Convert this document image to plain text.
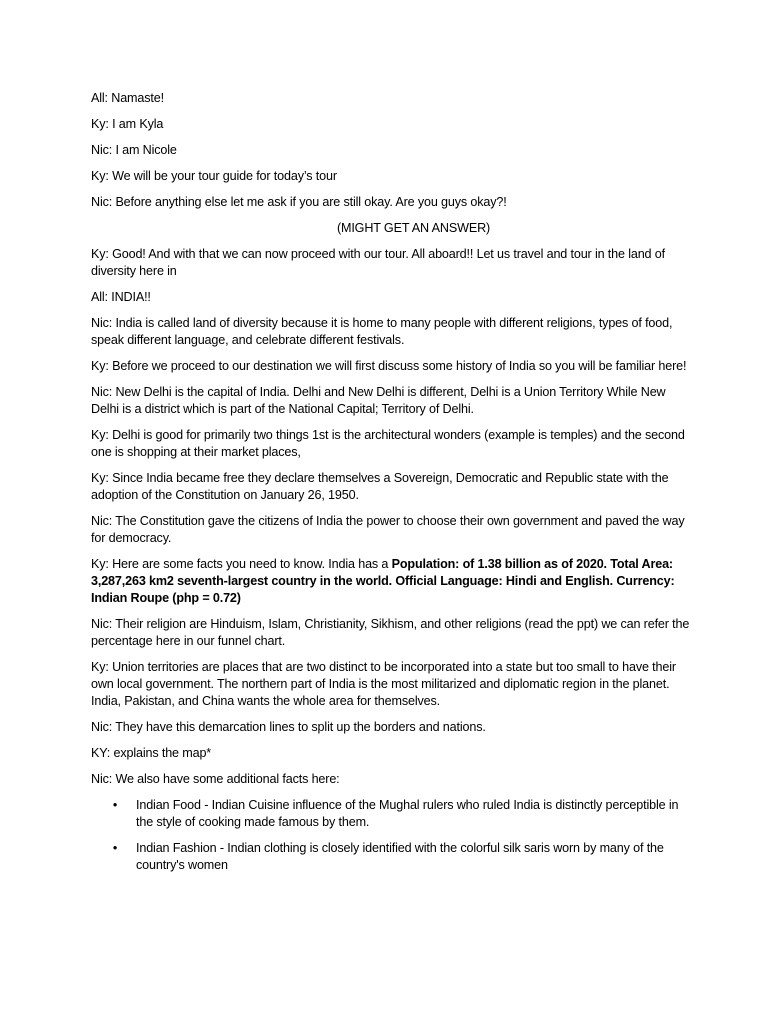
All: Namaste!

Ky: I am Kyla

Nic: I am Nicole

Ky: We will be your tour guide for today’s tour

Nic: Before anything else let me ask if you are still okay. Are you guys okay?!

(MIGHT GET AN ANSWER)

Ky: Good! And with that we can now proceed with our tour. All aboard!! Let us travel and tour in the land of diversity here in

All: INDIA!!

Nic: India is called land of diversity because it is home to many people with different religions, types of food, speak different language, and celebrate different festivals.

Ky: Before we proceed to our destination we will first discuss some history of India so you will be familiar here!

Nic: New Delhi is the capital of India. Delhi and New Delhi is different, Delhi is a Union Territory While New Delhi is a district which is part of the National Capital; Territory of Delhi.

Ky: Delhi is good for primarily two things 1st is the architectural wonders (example is temples) and the second one is shopping at their market places,

Ky: Since India became free they declare themselves a Sovereign, Democratic and Republic state with the adoption of the Constitution on January 26, 1950.

Nic: The Constitution gave the citizens of India the power to choose their own government and paved the way for democracy.

Ky: Here are some facts you need to know. India has a Population: of 1.38 billion as of 2020. Total Area: 3,287,263 km2 seventh-largest country in the world. Official Language: Hindi and English. Currency: Indian Roupe (php = 0.72)

Nic: Their religion are Hinduism, Islam, Christianity, Sikhism, and other religions (read the ppt) we can refer the percentage here in our funnel chart.

Ky: Union territories are places that are two distinct to be incorporated into a state but too small to have their own local government. The northern part of India is the most militarized and diplomatic region in the planet. India, Pakistan, and China wants the whole area for themselves.

Nic: They have this demarcation lines to split up the borders and nations.

KY: explains the map*

Nic: We also have some additional facts here:

• Indian Food - Indian Cuisine influence of the Mughal rulers who ruled India is distinctly perceptible in the style of cooking made famous by them.
• Indian Fashion - Indian clothing is closely identified with the colorful silk saris worn by many of the country's women
